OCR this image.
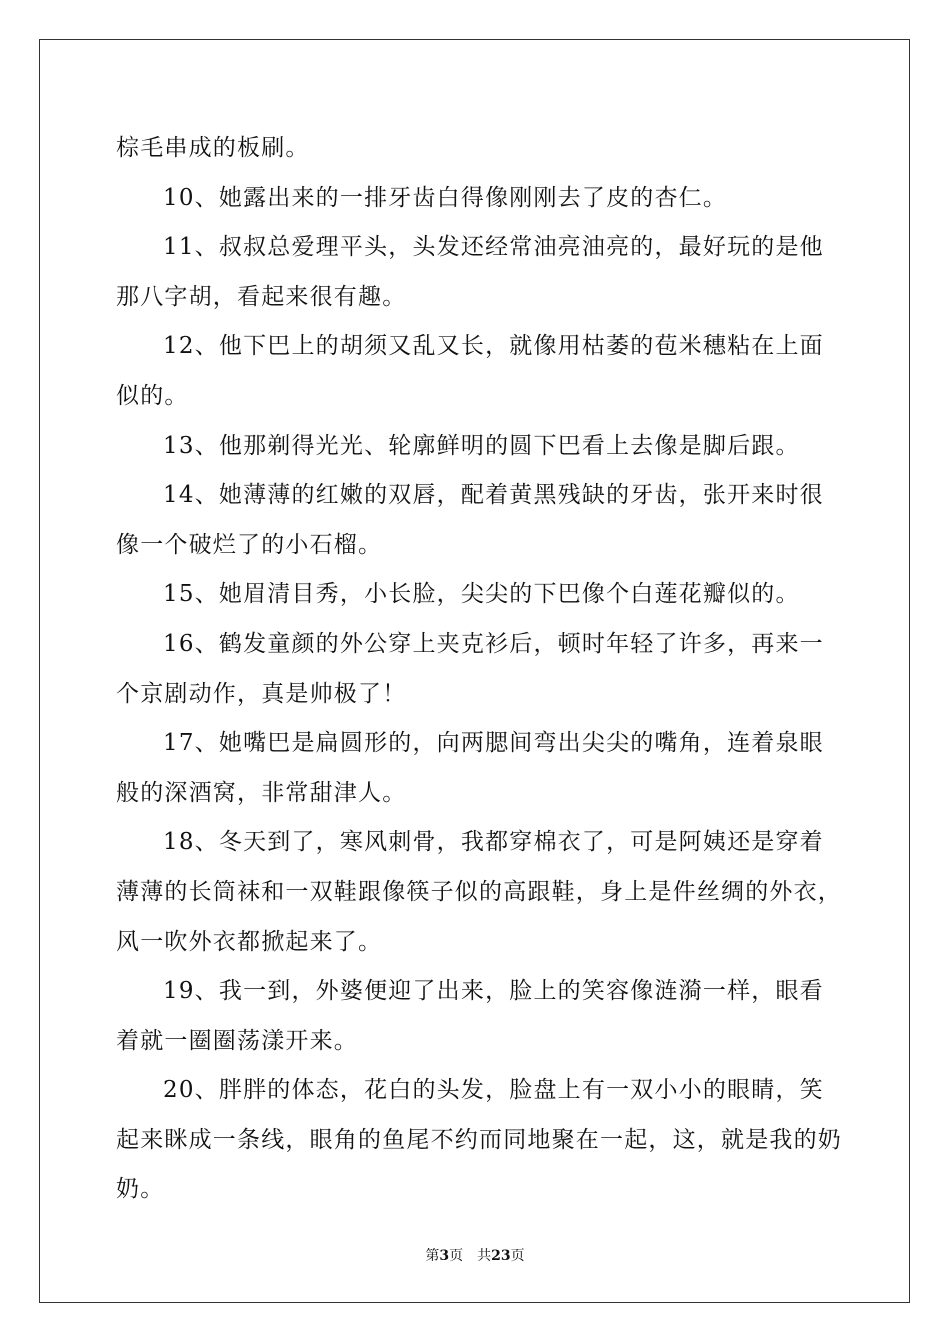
棕毛串成的板刷。

10、她露出来的一排牙齿白得像刚刚去了皮的杏仁。

11、叔叔总爱理平头，头发还经常油亮油亮的，最好玩的是他那八字胡，看起来很有趣。

12、他下巴上的胡须又乱又长，就像用枯萎的苞米穗粘在上面似的。

13、他那剃得光光、轮廓鲜明的圆下巴看上去像是脚后跟。

14、她薄薄的红嫩的双唇，配着黄黑残缺的牙齿，张开来时很像一个破烂了的小石榴。

15、她眉清目秀，小长脸，尖尖的下巴像个白莲花瓣似的。

16、鹤发童颜的外公穿上夹克衫后，顿时年轻了许多，再来一个京剧动作，真是帅极了！

17、她嘴巴是扁圆形的，向两腮间弯出尖尖的嘴角，连着泉眼般的深酒窝，非常甜津人。

18、冬天到了，寒风刺骨，我都穿棉衣了，可是阿姨还是穿着薄薄的长筒袜和一双鞋跟像筷子似的高跟鞋，身上是件丝绸的外衣，风一吹外衣都掀起来了。

19、我一到，外婆便迎了出来，脸上的笑容像涟漪一样，眼看着就一圈圈荡漾开来。

20、胖胖的体态，花白的头发，脸盘上有一双小小的眼睛，笑起来眯成一条线，眼角的鱼尾不约而同地聚在一起，这，就是我的奶奶。

第3页 共23页
